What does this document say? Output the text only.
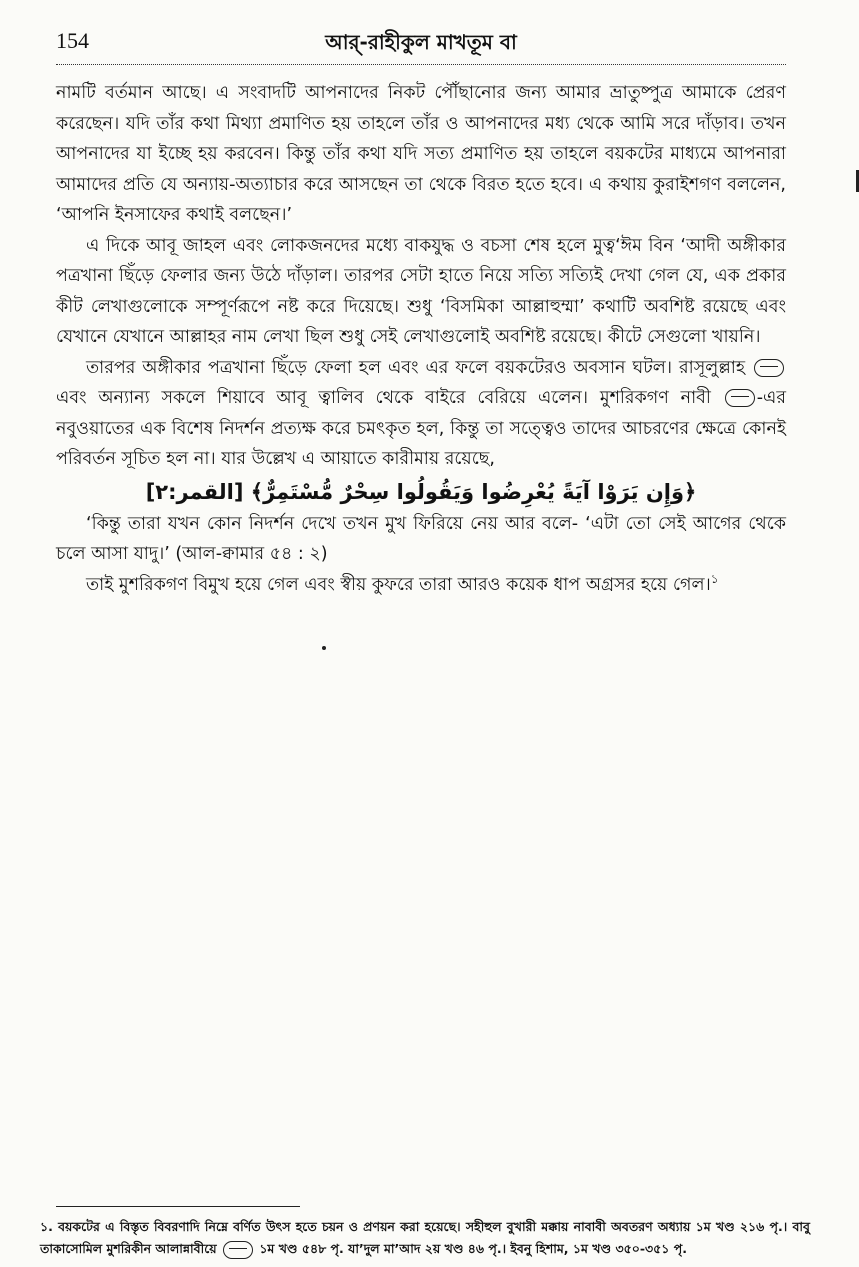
154	আর্-রাহীকুল মাখতূম বা

নামটি বর্তমান আছে। এ সংবাদটি আপনাদের নিকট পৌঁছানোর জন্য আমার ভ্রাতুষ্পুত্র আমাকে প্রেরণ করেছেন। যদি তাঁর কথা মিথ্যা প্রমাণিত হয় তাহলে তাঁর ও আপনাদের মধ্য থেকে আমি সরে দাঁড়াব। তখন আপনাদের যা ইচ্ছে হয় করবেন। কিন্তু তাঁর কথা যদি সত্য প্রমাণিত হয় তাহলে বয়কটের মাধ্যমে আপনারা আমাদের প্রতি যে অন্যায়-অত্যাচার করে আসছেন তা থেকে বিরত হতে হবে। এ কথায় কুরাইশগণ বললেন, ‘আপনি ইনসাফের কথাই বলছেন।’

এ দিকে আবূ জাহল এবং লোকজনদের মধ্যে বাকযুদ্ধ ও বচসা শেষ হলে মুত্ব‘ঈম বিন ‘আদী অঙ্গীকার পত্রখানা ছিঁড়ে ফেলার জন্য উঠে দাঁড়াল। তারপর সেটা হাতে নিয়ে সত্যি সত্যিই দেখা গেল যে, এক প্রকার কীট লেখাগুলোকে সম্পূর্ণরূপে নষ্ট করে দিয়েছে। শুধু ‘বিসমিকা আল্লাহুম্মা’ কথাটি অবশিষ্ট রয়েছে এবং যেখানে যেখানে আল্লাহর নাম লেখা ছিল শুধু সেই লেখাগুলোই অবশিষ্ট রয়েছে। কীটে সেগুলো খায়নি।

তারপর অঙ্গীকার পত্রখানা ছিঁড়ে ফেলা হল এবং এর ফলে বয়কটেরও অবসান ঘটল। রাসূলুল্লাহ  এবং অন্যান্য সকলে শিয়াবে আবূ ত্বালিব থেকে বাইরে বেরিয়ে এলেন। মুশরিকগণ নাবী	-এর নবুওয়াতের এক বিশেষ নিদর্শন প্রত্যক্ষ করে চমৎকৃত হল, কিন্তু তা সত্ত্বেও তাদের আচরণের ক্ষেত্রে কোনই পরিবর্তন সূচিত হল না। যার উল্লেখ এ আয়াতে কারীমায় রয়েছে,

﴿وَإِن يَرَوْا آيَةً يُعْرِضُوا وَيَقُولُوا سِحْرٌ مُّسْتَمِرٌّ﴾ [القمر:٢]

‘কিন্তু তারা যখন কোন নিদর্শন দেখে তখন মুখ ফিরিয়ে নেয় আর বলে- ‘এটা তো সেই আগের থেকে চলে আসা যাদু।’ (আল-ক্বামার ৫৪ : ২)

তাই মুশরিকগণ বিমুখ হয়ে গেল এবং স্বীয় কুফরে তারা আরও কয়েক ধাপ অগ্রসর হয়ে গেল।$^১$

১. বয়কটের এ বিস্তৃত বিবরণাদি নিম্নে বর্ণিত উৎস হতে চয়ন ও প্রণয়ন করা হয়েছে। সহীহুল বুখারী মক্কায় নাবাবী অবতরণ অধ্যায় ১ম খণ্ড ২১৬ পৃ.। বাবু তাকাসোমিল মুশরিকীন আলান্নাবীয়ে	১ম খণ্ড ৫৪৮ পৃ. যা’দুল মা’আদ ২য় খণ্ড ৪৬ পৃ.। ইবনু হিশাম, ১ম খণ্ড ৩৫০-৩৫১ পৃ.
